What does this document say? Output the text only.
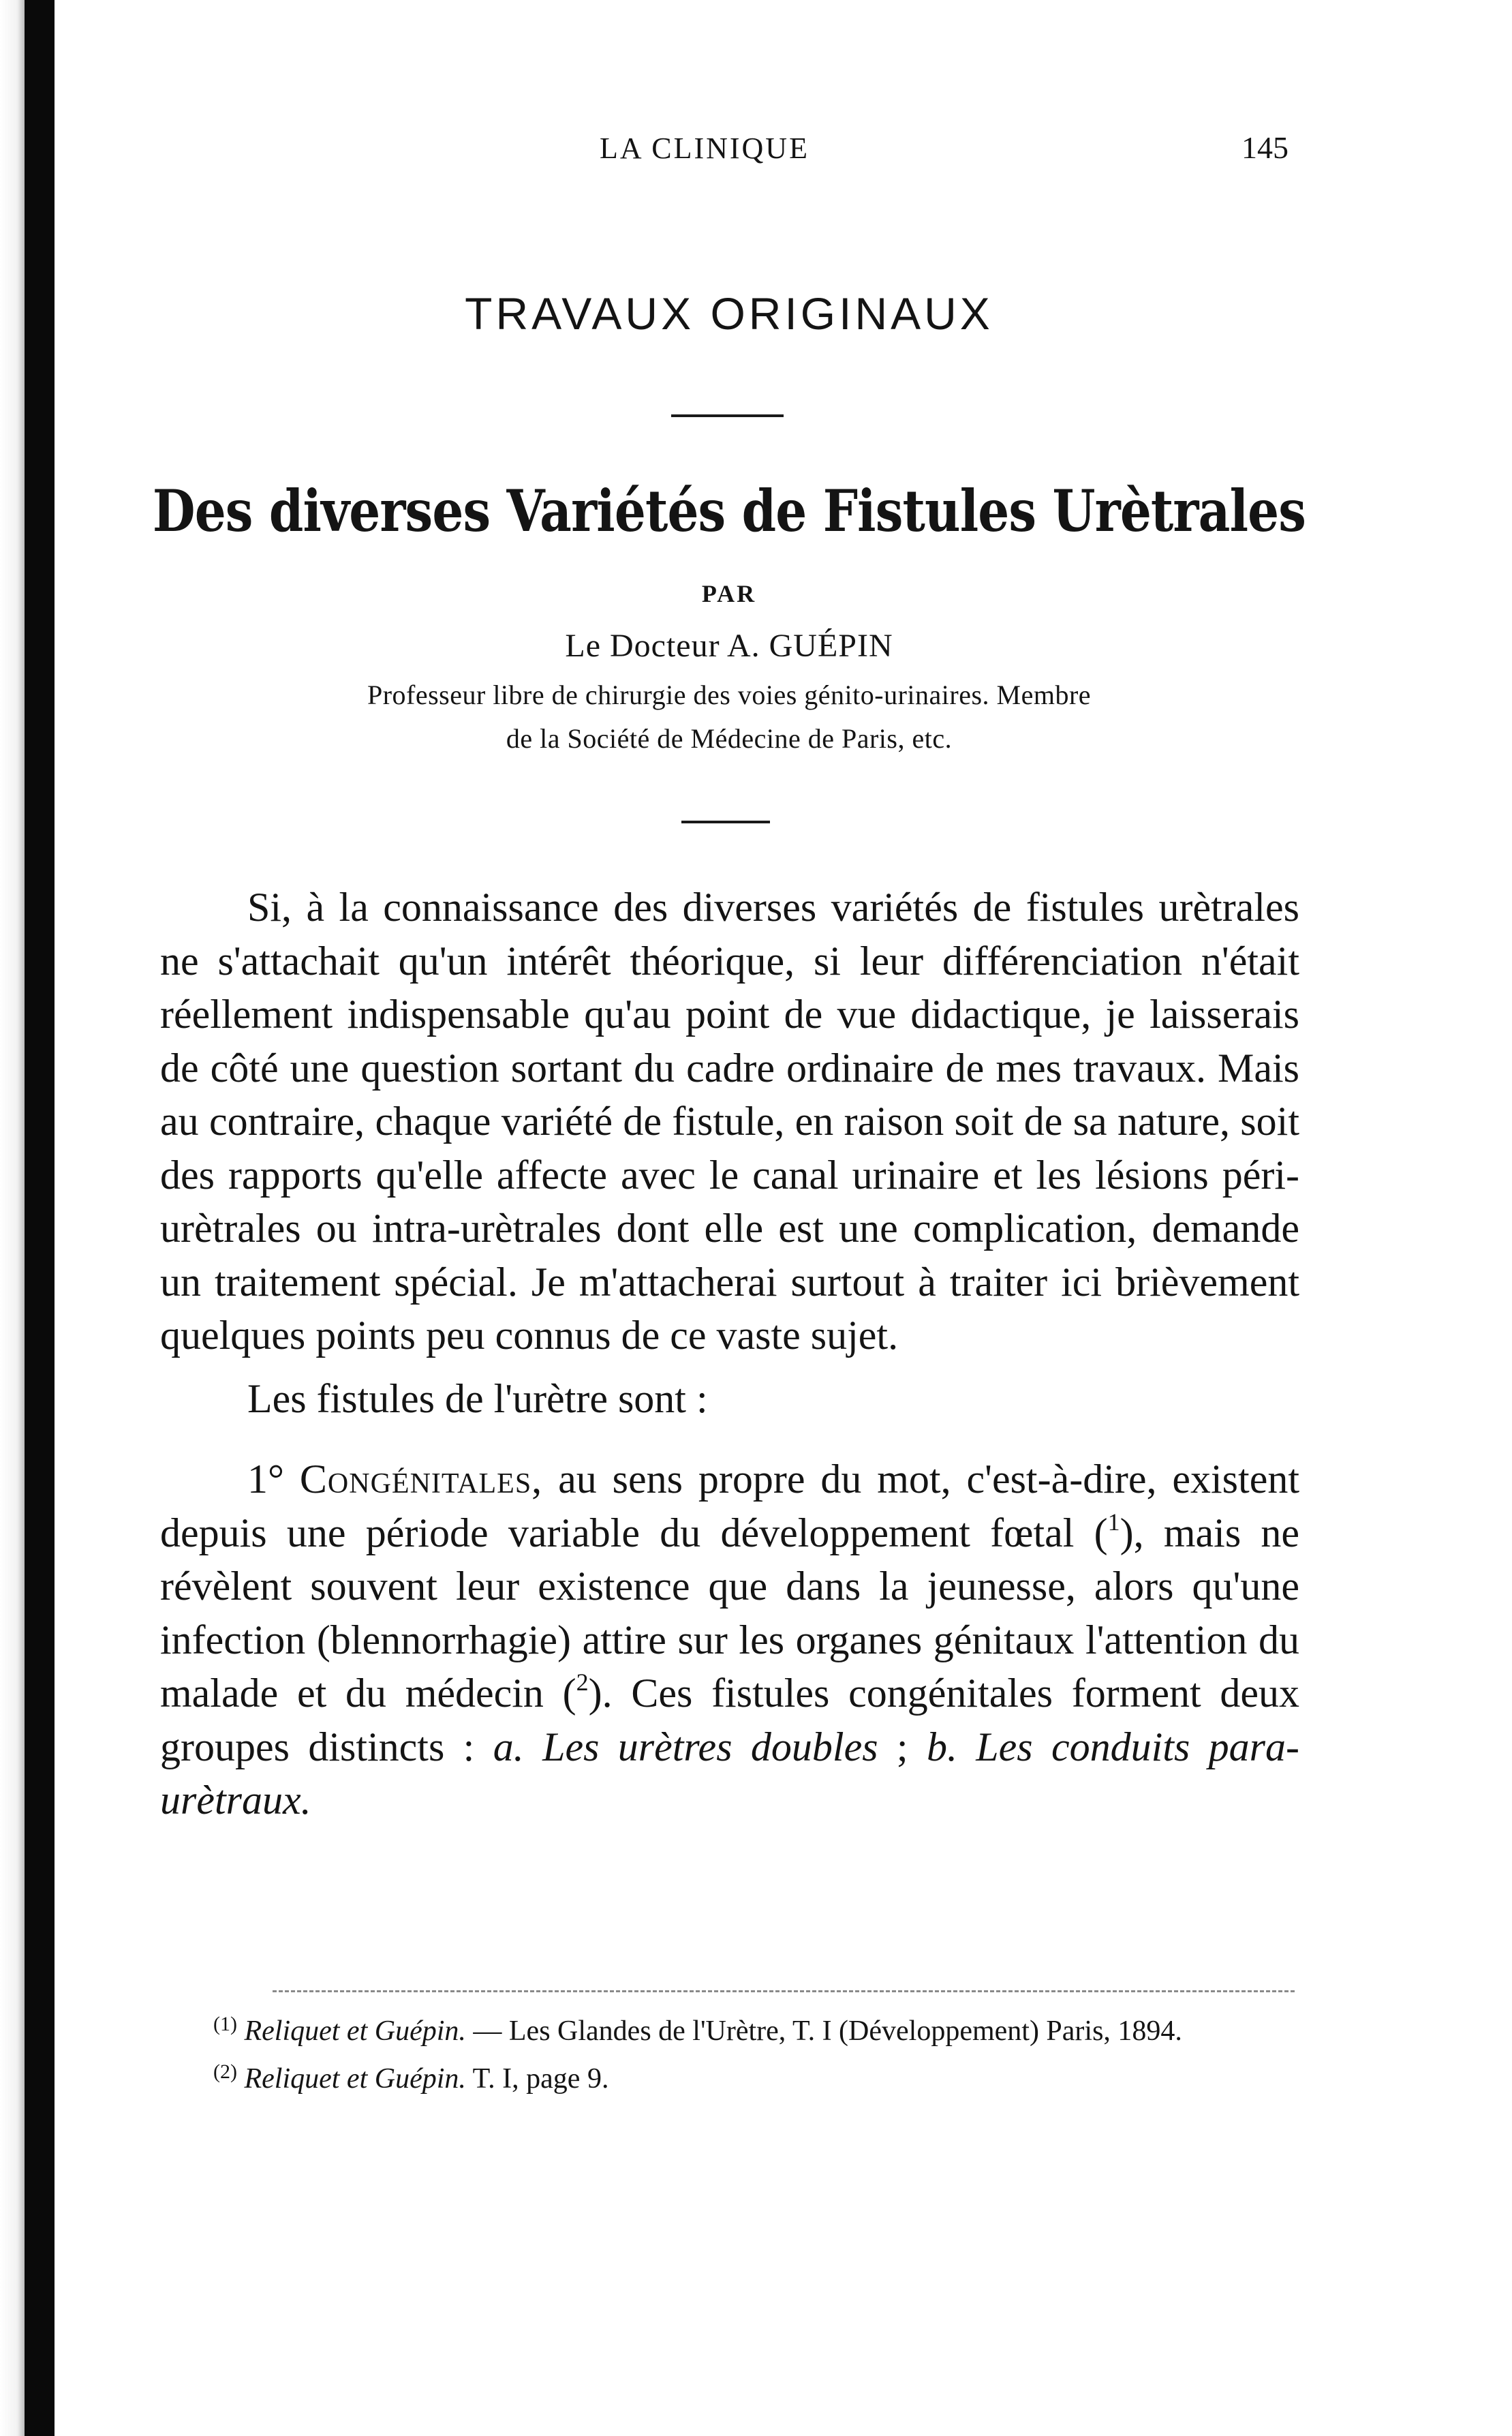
LA CLINIQUE	145
TRAVAUX ORIGINAUX
Des diverses Variétés de Fistules Urètrales
PAR
Le Docteur A. GUÉPIN
Professeur libre de chirurgie des voies génito-urinaires. Membre
de la Société de Médecine de Paris, etc.

Si, à la connaissance des diverses variétés de fistules urètrales ne s'attachait qu'un intérêt théorique, si leur différenciation n'était réellement indispensable qu'au point de vue didactique, je laisserais de côté une question sortant du cadre ordinaire de mes travaux. Mais au contraire, chaque variété de fistule, en raison soit de sa nature, soit des rapports qu'elle affecte avec le canal urinaire et les lésions péri-urètrales ou intra-urètrales dont elle est une complication, demande un traitement spécial. Je m'attacherai surtout à traiter ici brièvement quelques points peu connus de ce vaste sujet.

Les fistules de l'urètre sont :

1° Congénitales, au sens propre du mot, c'est-à-dire, existent depuis une période variable du développement fœtal ($^1$), mais ne révèlent souvent leur existence que dans la jeunesse, alors qu'une infection (blennorrhagie) attire sur les organes génitaux l'attention du malade et du médecin ($^2$). Ces fistules congénitales forment deux groupes distincts : a. Les urètres doubles ; b. Les conduits para-urètraux.

$^{(1)}$ Reliquet et Guépin. — Les Glandes de l'Urètre, T. I (Développement) Paris, 1894.

$^{(2)}$ Reliquet et Guépin. T. I, page 9.
